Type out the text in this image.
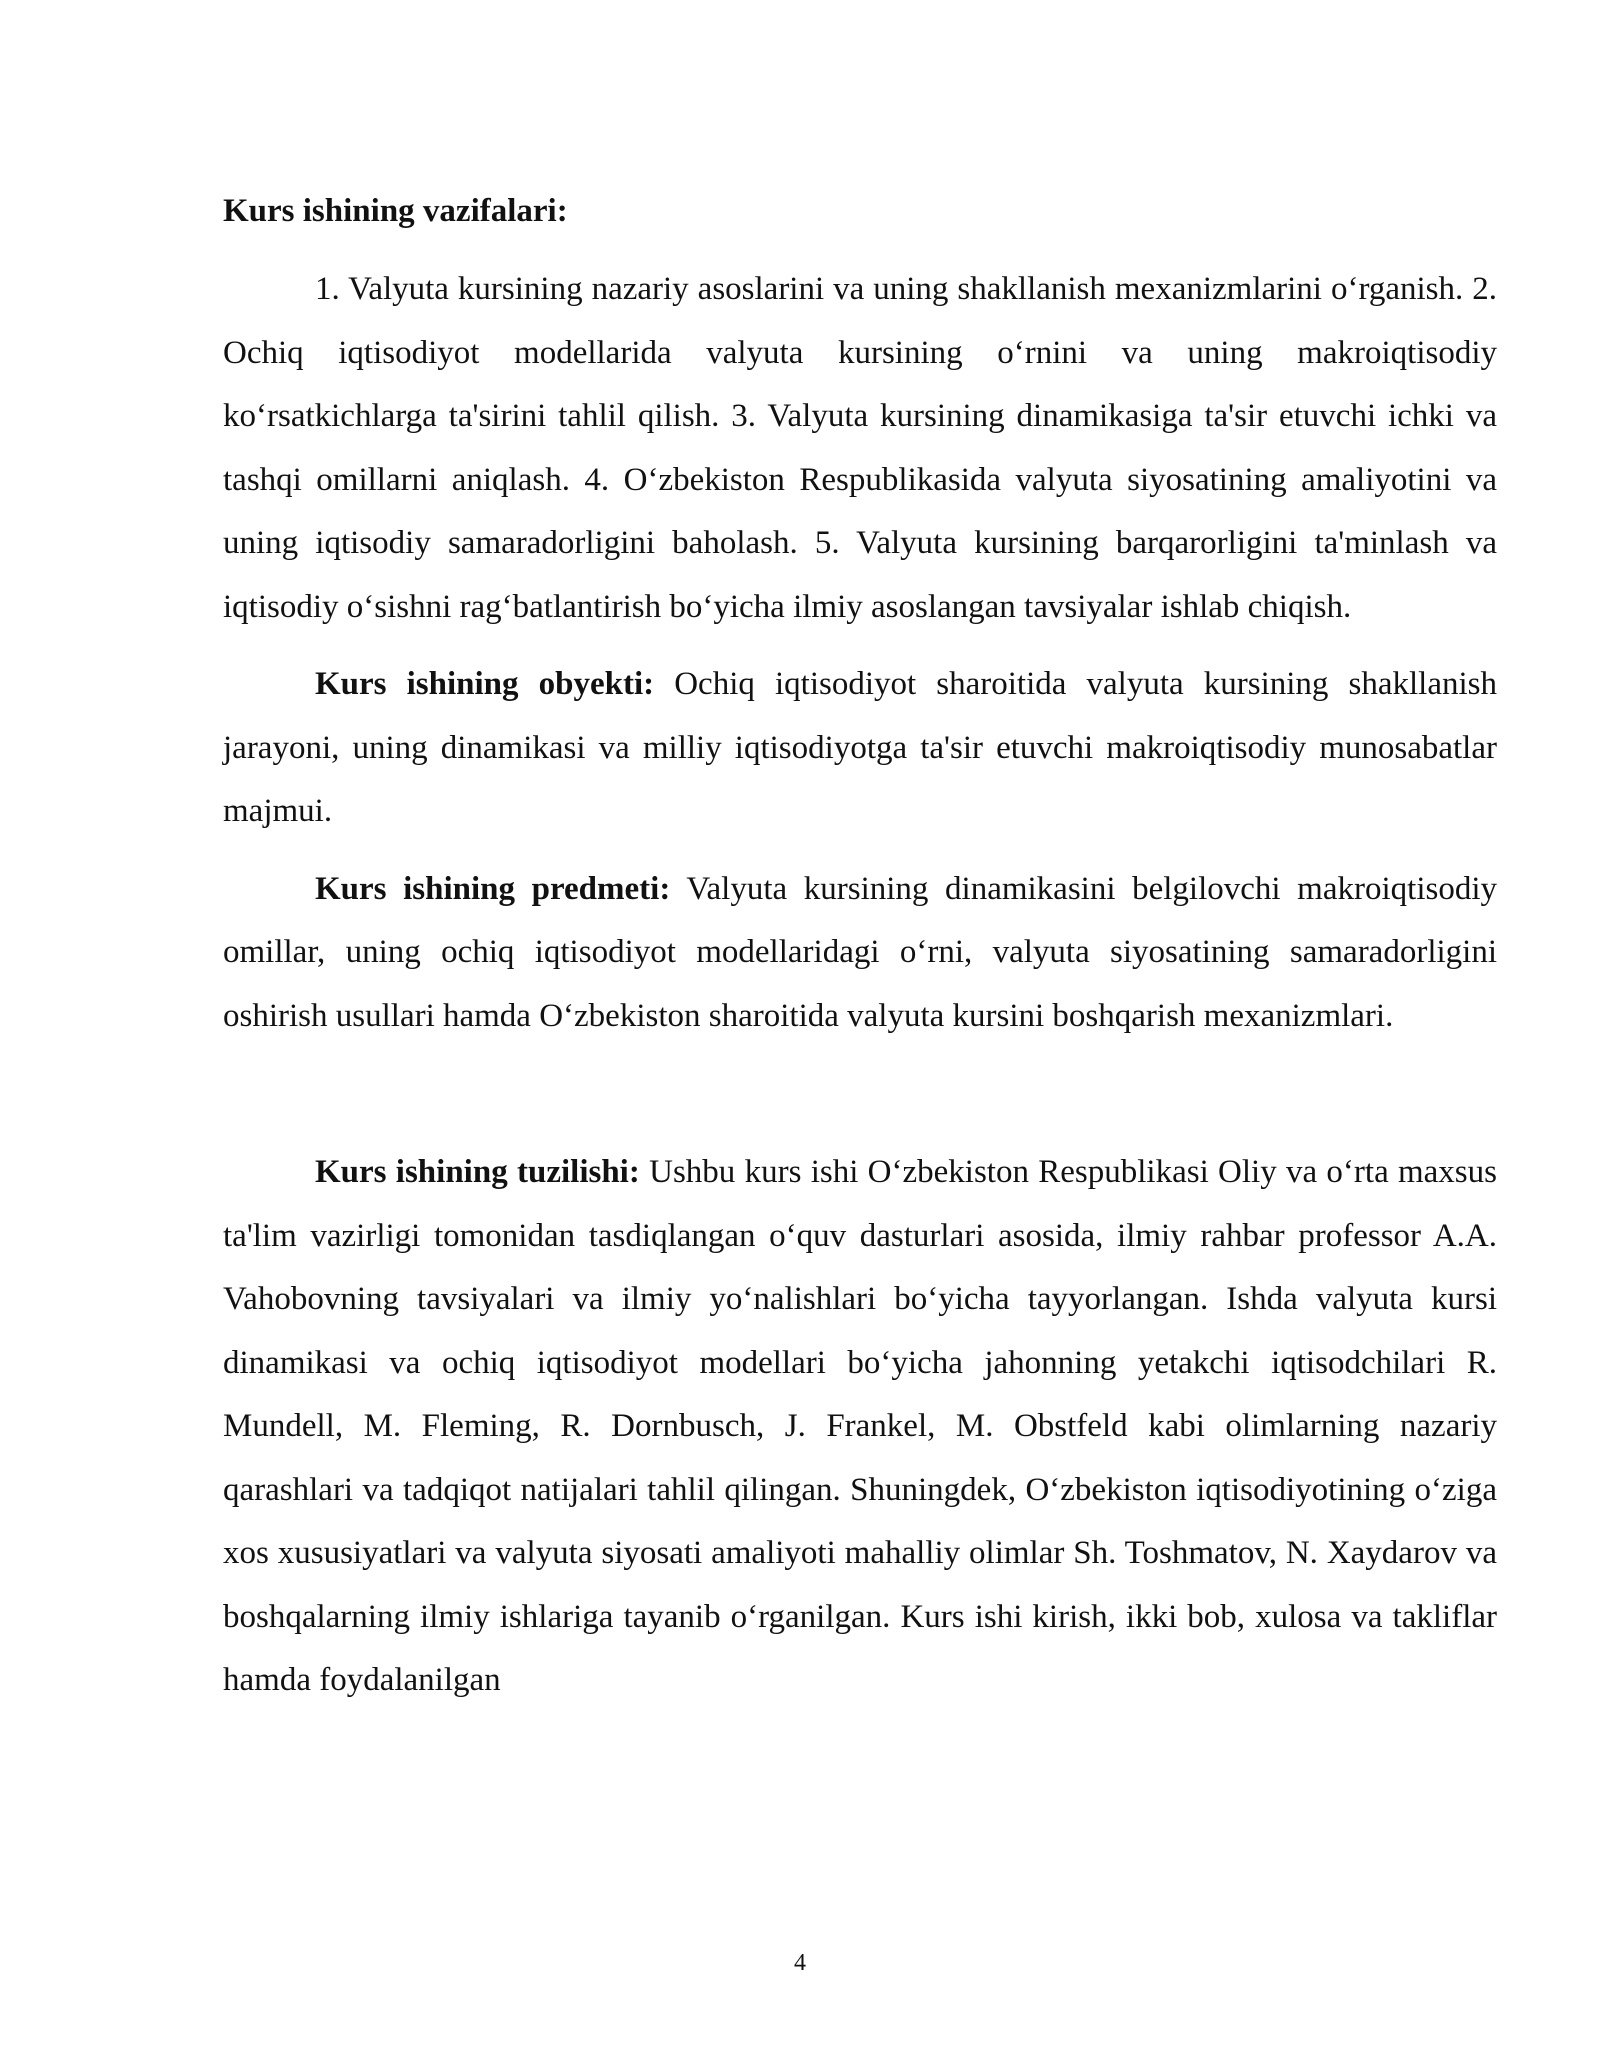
Kurs ishining vazifalari:

1. Valyuta kursining nazariy asoslarini va uning shakllanish mexanizmlarini o‘rganish. 2. Ochiq iqtisodiyot modellarida valyuta kursining o‘rnini va uning makroiqtisodiy ko‘rsatkichlarga ta'sirini tahlil qilish. 3. Valyuta kursining dinamikasiga ta'sir etuvchi ichki va tashqi omillarni aniqlash. 4. O‘zbekiston Respublikasida valyuta siyosatining amaliyotini va uning iqtisodiy samaradorligini baholash. 5. Valyuta kursining barqarorligini ta'minlash va iqtisodiy o‘sishni rag‘batlantirish bo‘yicha ilmiy asoslangan tavsiyalar ishlab chiqish.

Kurs ishining obyekti: Ochiq iqtisodiyot sharoitida valyuta kursining shakllanish jarayoni, uning dinamikasi va milliy iqtisodiyotga ta'sir etuvchi makroiqtisodiy munosabatlar majmui.

Kurs ishining predmeti: Valyuta kursining dinamikasini belgilovchi makroiqtisodiy omillar, uning ochiq iqtisodiyot modellaridagi o‘rni, valyuta siyosatining samaradorligini oshirish usullari hamda O‘zbekiston sharoitida valyuta kursini boshqarish mexanizmlari.

Kurs ishining tuzilishi: Ushbu kurs ishi O‘zbekiston Respublikasi Oliy va o‘rta maxsus ta'lim vazirligi tomonidan tasdiqlangan o‘quv dasturlari asosida, ilmiy rahbar professor A.A. Vahobovning tavsiyalari va ilmiy yo‘nalishlari bo‘yicha tayyorlangan. Ishda valyuta kursi dinamikasi va ochiq iqtisodiyot modellari bo‘yicha jahonning yetakchi iqtisodchilari R. Mundell, M. Fleming, R. Dornbusch, J. Frankel, M. Obstfeld kabi olimlarning nazariy qarashlari va tadqiqot natijalari tahlil qilingan. Shuningdek, O‘zbekiston iqtisodiyotining o‘ziga xos xususiyatlari va valyuta siyosati amaliyoti mahalliy olimlar Sh. Toshmatov, N. Xaydarov va boshqalarning ilmiy ishlariga tayanib o‘rganilgan. Kurs ishi kirish, ikki bob, xulosa va takliflar hamda foydalanilgan

4
